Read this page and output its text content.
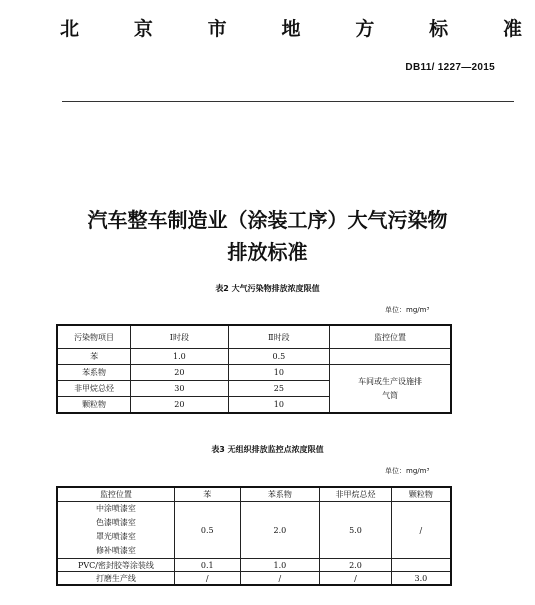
北	京	市	地	方	标	准
DB11/ 1227—2015
汽车整车制造业（涂装工序）大气污染物
排放标准
表2 大气污染物排放浓度限值
单位：mg/m³
污染物项目	Ⅰ时段	Ⅱ时段	监控位置
苯	1.0	0.5	
苯系物	20	10	车间或生产设施排
气筒

非甲烷总烃	30	25	
颗粒物	20	10	
表3 无组织排放监控点浓度限值
单位：mg/m³
监控位置	苯	苯系物	非甲烷总烃	颗粒物

中涂喷漆室
色漆喷漆室
罩光喷漆室
修补喷漆室	0.5	2.0	5.0	/
PVC/密封胶等涂装线	0.1	1.0	2.0	
打磨生产线	/	/	/	3.0
